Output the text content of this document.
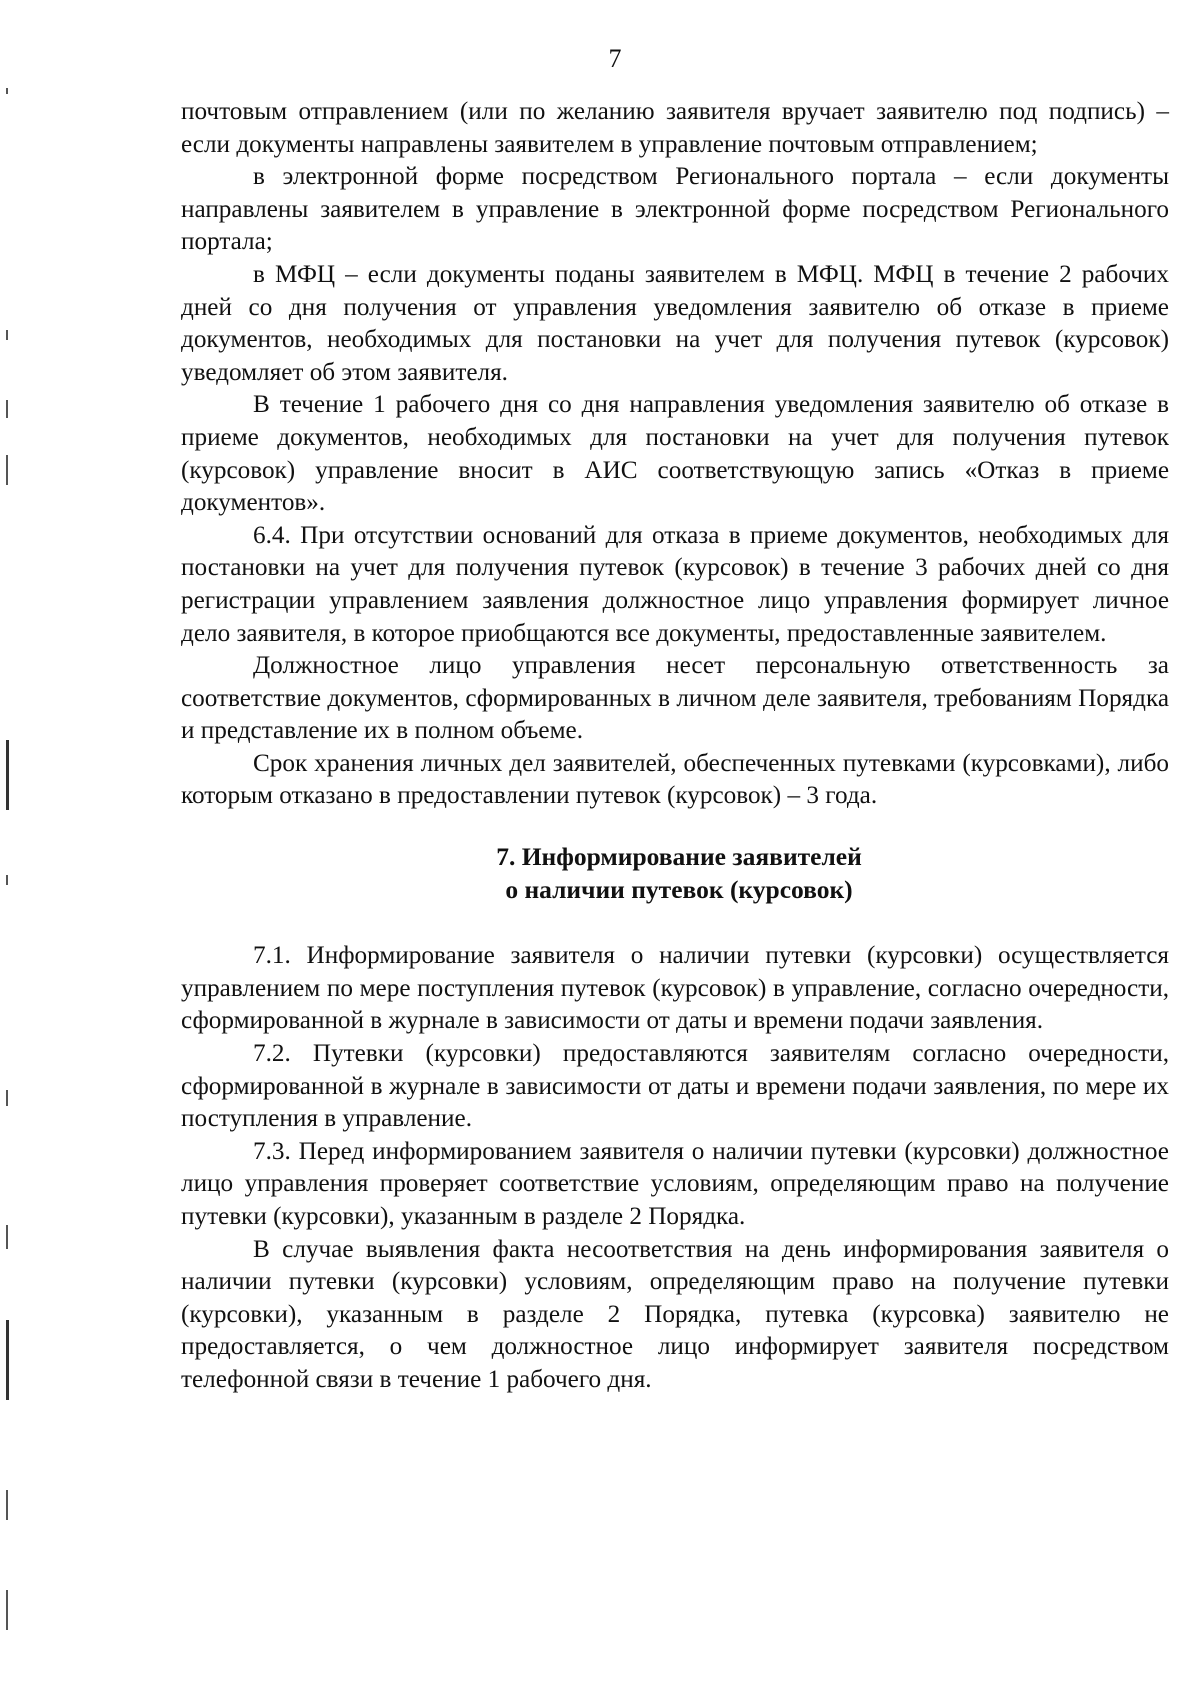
7

почтовым отправлением (или по желанию заявителя вручает заявителю под подпись) – если документы направлены заявителем в управление почтовым отправлением;

в электронной форме посредством Регионального портала – если документы направлены заявителем в управление в электронной форме посредством Регионального портала;

в МФЦ – если документы поданы заявителем в МФЦ. МФЦ в течение 2 рабочих дней со дня получения от управления уведомления заявителю об отказе в приеме документов, необходимых для постановки на учет для получения путевок (курсовок) уведомляет об этом заявителя.

В течение 1 рабочего дня со дня направления уведомления заявителю об отказе в приеме документов, необходимых для постановки на учет для получения путевок (курсовок) управление вносит в АИС соответствующую запись «Отказ в приеме документов».

6.4. При отсутствии оснований для отказа в приеме документов, необходимых для постановки на учет для получения путевок (курсовок) в течение 3 рабочих дней со дня регистрации управлением заявления должностное лицо управления формирует личное дело заявителя, в которое приобщаются все документы, предоставленные заявителем.

Должностное лицо управления несет персональную ответственность за соответствие документов, сформированных в личном деле заявителя, требованиям Порядка и представление их в полном объеме.

Срок хранения личных дел заявителей, обеспеченных путевками (курсовками), либо которым отказано в предоставлении путевок (курсовок) – 3 года.

7. Информирование заявителей
о наличии путевок (курсовок)

7.1. Информирование заявителя о наличии путевки (курсовки) осуществляется управлением по мере поступления путевок (курсовок) в управление, согласно очередности, сформированной в журнале в зависимости от даты и времени подачи заявления.

7.2. Путевки (курсовки) предоставляются заявителям согласно очередности, сформированной в журнале в зависимости от даты и времени подачи заявления, по мере их поступления в управление.

7.3. Перед информированием заявителя о наличии путевки (курсовки) должностное лицо управления проверяет соответствие условиям, определяющим право на получение путевки (курсовки), указанным в разделе 2 Порядка.

В случае выявления факта несоответствия на день информирования заявителя о наличии путевки (курсовки) условиям, определяющим право на получение путевки (курсовки), указанным в разделе 2 Порядка, путевка (курсовка) заявителю не предоставляется, о чем должностное лицо информирует заявителя посредством телефонной связи в течение 1 рабочего дня.
